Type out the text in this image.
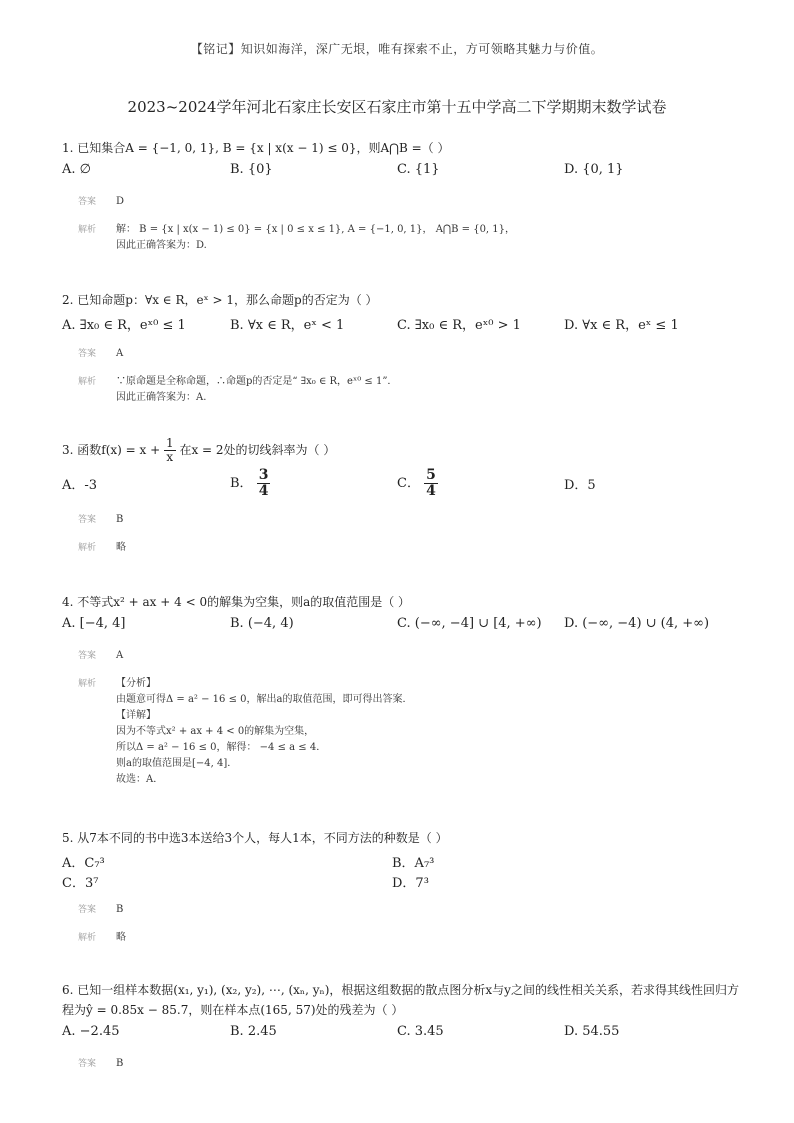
【铭记】知识如海洋，深广无垠，唯有探索不止，方可领略其魅力与价值。
2023~2024学年河北石家庄长安区石家庄市第十五中学高二下学期期末数学试卷
1. 已知集合A = {−1, 0, 1}, B = {x | x(x − 1) ≤ 0}，则A⋂B =（ ）
A. ∅	B. {0}	C. {1}	D. {0, 1}
答案	D
解析	解： B = {x | x(x − 1) ≤ 0} = {x | 0 ≤ x ≤ 1}, A = {−1, 0, 1}， A⋂B = {0, 1}，
因此正确答案为：D.
2. 已知命题p：∀x ∈ R，eˣ > 1，那么命题p的否定为（ ）
A. ∃x₀ ∈ R，eˣ⁰ ≤ 1	B. ∀x ∈ R，eˣ < 1	C. ∃x₀ ∈ R，eˣ⁰ > 1	D. ∀x ∈ R，eˣ ≤ 1
答案	A
解析	∵原命题是全称命题，∴命题p的否定是“ ∃x₀ ∈ R，eˣ⁰ ≤ 1”．
因此正确答案为：A.
3. 函数$f(x) = x + \frac{1}{x}$ 在x = 2处的切线斜率为（ ）
A．-3	B． $\frac{3}{4}$	C． $\frac{5}{4}$	D．5
答案	B
解析	略
4. 不等式x² + ax + 4 < 0的解集为空集，则a的取值范围是（ ）
A. [−4, 4]	B. (−4, 4)	C. (−∞, −4] ∪ [4, +∞) D. (−∞, −4) ∪ (4, +∞)
答案	A
解析	【分析】
由题意可得Δ = a² − 16 ≤ 0，解出a的取值范围，即可得出答案．
【详解】
因为不等式x² + ax + 4 < 0的解集为空集，
所以Δ = a² − 16 ≤ 0，解得： −4 ≤ a ≤ 4．
则a的取值范围是[−4, 4]．
故选：A．
5. 从7本不同的书中选3本送给3个人，每人1本，不同方法的种数是（ ）
A．C₇³	B．A₇³
C．3⁷	D．7³
答案	B
解析	略
6. 已知一组样本数据(x₁, y₁), (x₂, y₂), ⋯, (xₙ, yₙ)，根据这组数据的散点图分析x与y之间的线性相关关系，若求得其线性回归方程为ŷ = 0.85x − 85.7，则在样本点(165, 57)处的残差为（ ）
A. −2.45	B. 2.45	C. 3.45	D. 54.55
答案	B
